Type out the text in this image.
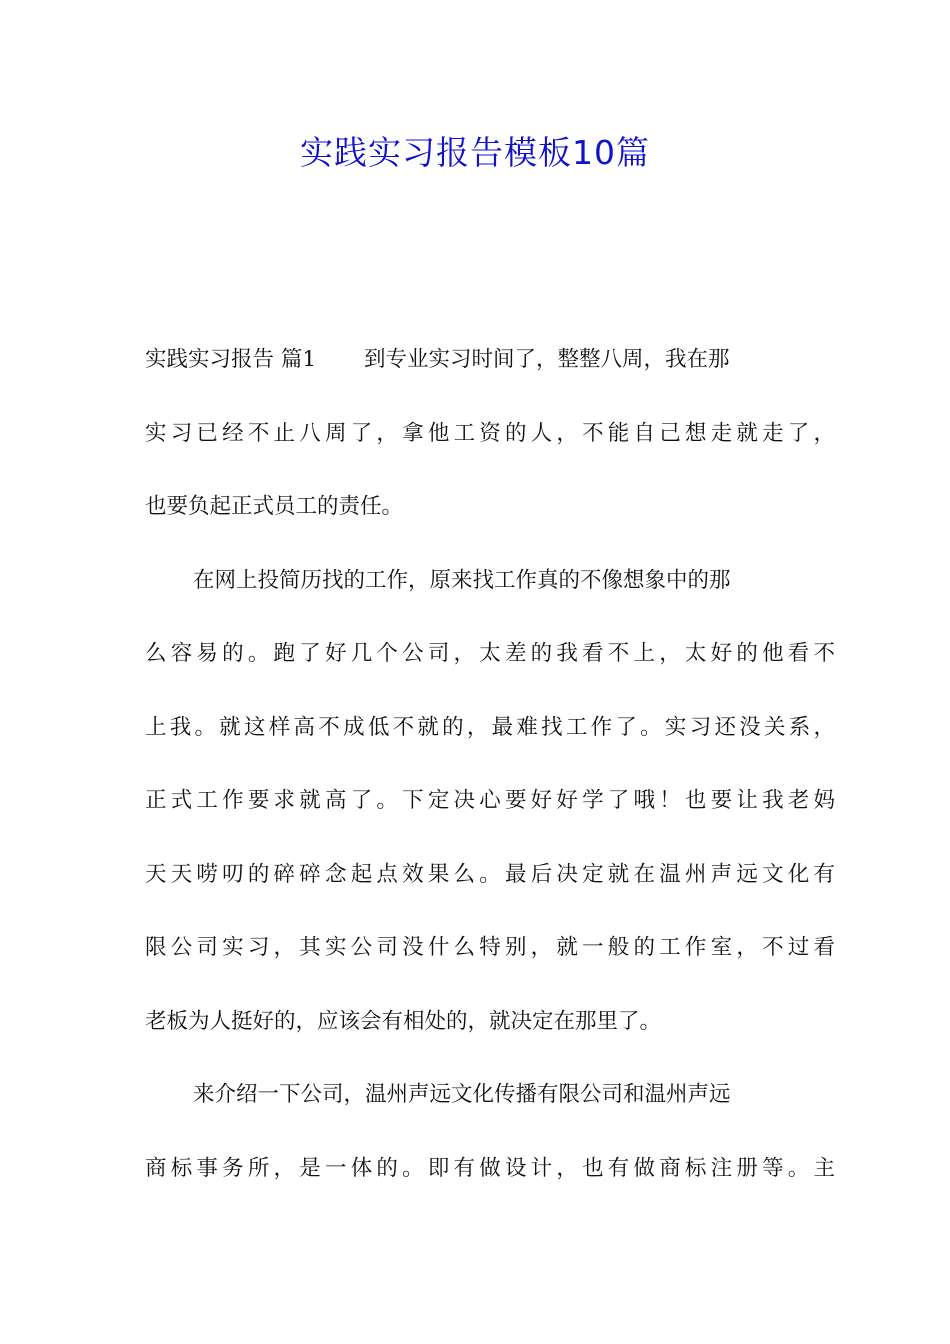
实践实习报告模板10篇
实践实习报告 篇1 到专业实习时间了，整整八周，我在那
实习已经不止八周了，拿他工资的人，不能自己想走就走了，
也要负起正式员工的责任。
在网上投简历找的工作，原来找工作真的不像想象中的那
么容易的。跑了好几个公司，太差的我看不上，太好的他看不
上我。就这样高不成低不就的，最难找工作了。实习还没关系，
正式工作要求就高了。下定决心要好好学了哦！也要让我老妈
天天唠叨的碎碎念起点效果么。最后决定就在温州声远文化有
限公司实习，其实公司没什么特别，就一般的工作室，不过看
老板为人挺好的，应该会有相处的，就决定在那里了。
来介绍一下公司，温州声远文化传播有限公司和温州声远
商标事务所，是一体的。即有做设计，也有做商标注册等。主
